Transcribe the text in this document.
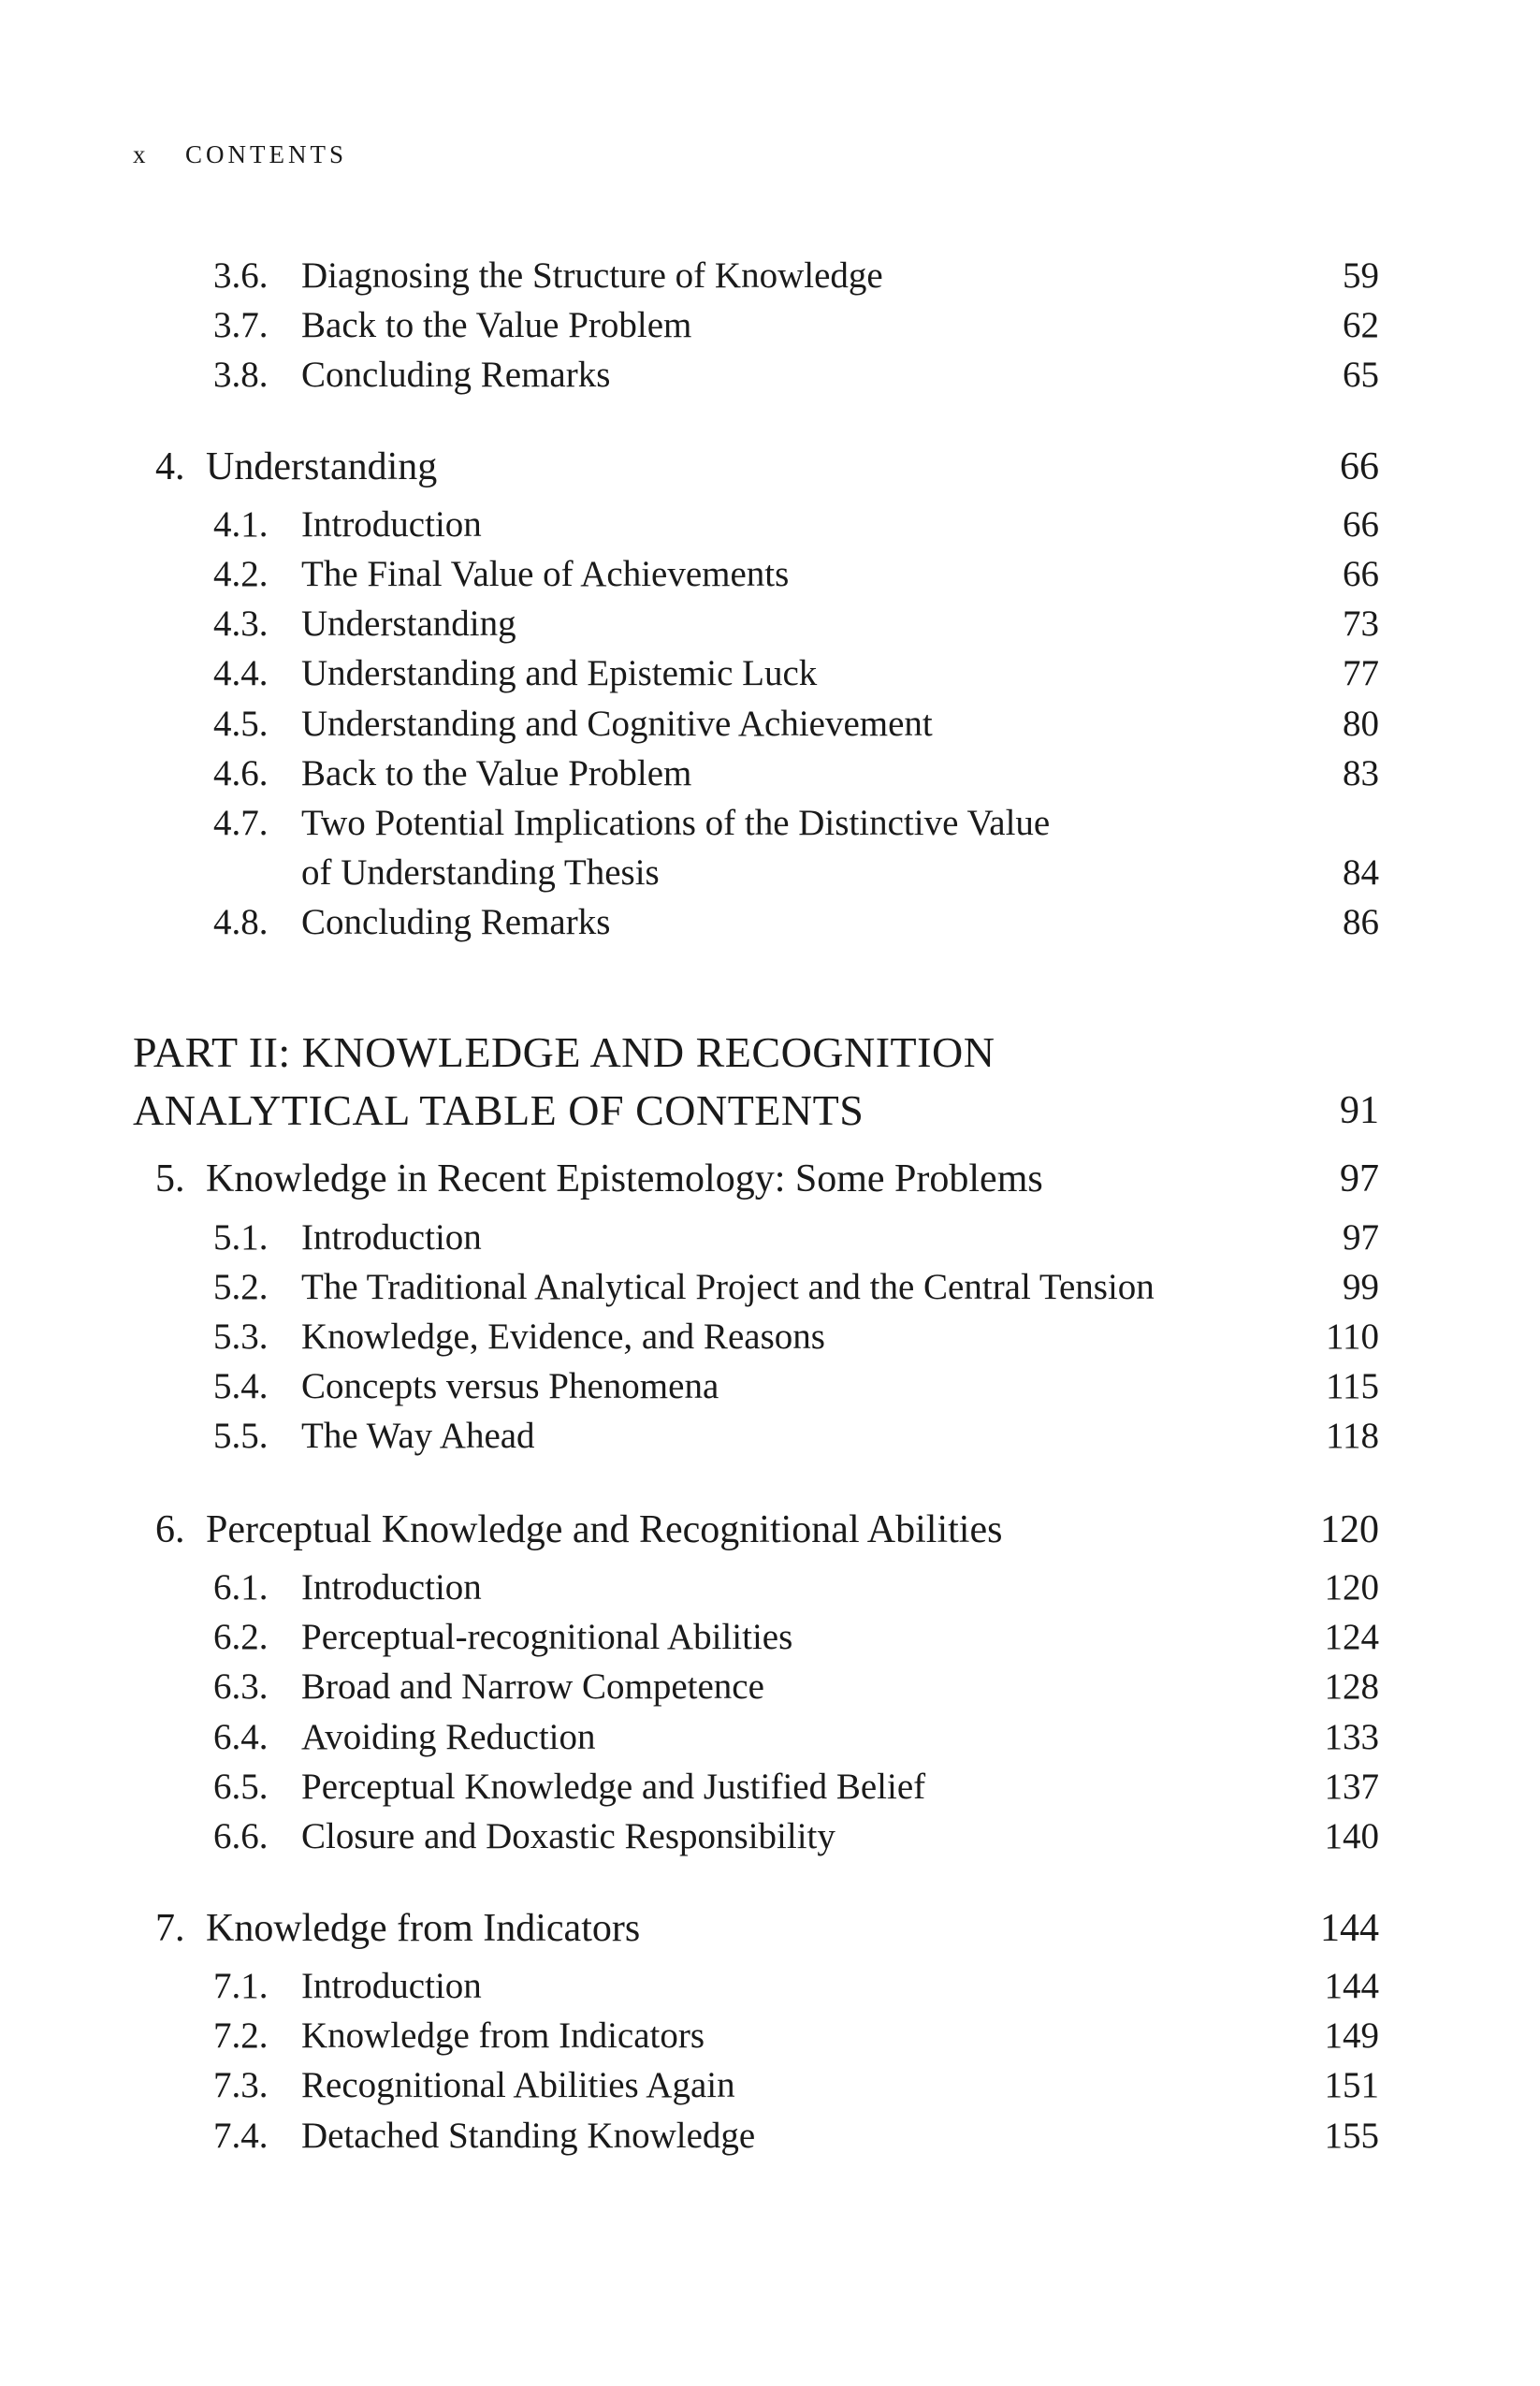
x CONTENTS
3.6. Diagnosing the Structure of Knowledge	59
3.7. Back to the Value Problem	62
3.8. Concluding Remarks	65
4. Understanding	66
4.1. Introduction	66
4.2. The Final Value of Achievements	66
4.3. Understanding	73
4.4. Understanding and Epistemic Luck	77
4.5. Understanding and Cognitive Achievement	80
4.6. Back to the Value Problem	83
4.7. Two Potential Implications of the Distinctive Value
of Understanding Thesis	84
4.8. Concluding Remarks	86
PART II: KNOWLEDGE AND RECOGNITION
ANALYTICAL TABLE OF CONTENTS	91
5. Knowledge in Recent Epistemology: Some Problems	97
5.1. Introduction	97
5.2. The Traditional Analytical Project and the Central Tension	99
5.3. Knowledge, Evidence, and Reasons	110
5.4. Concepts versus Phenomena	115
5.5. The Way Ahead	118
6. Perceptual Knowledge and Recognitional Abilities	120
6.1. Introduction	120
6.2. Perceptual-recognitional Abilities	124
6.3. Broad and Narrow Competence	128
6.4. Avoiding Reduction	133
6.5. Perceptual Knowledge and Justified Belief	137
6.6. Closure and Doxastic Responsibility	140
7. Knowledge from Indicators	144
7.1. Introduction	144
7.2. Knowledge from Indicators	149
7.3. Recognitional Abilities Again	151
7.4. Detached Standing Knowledge	155
